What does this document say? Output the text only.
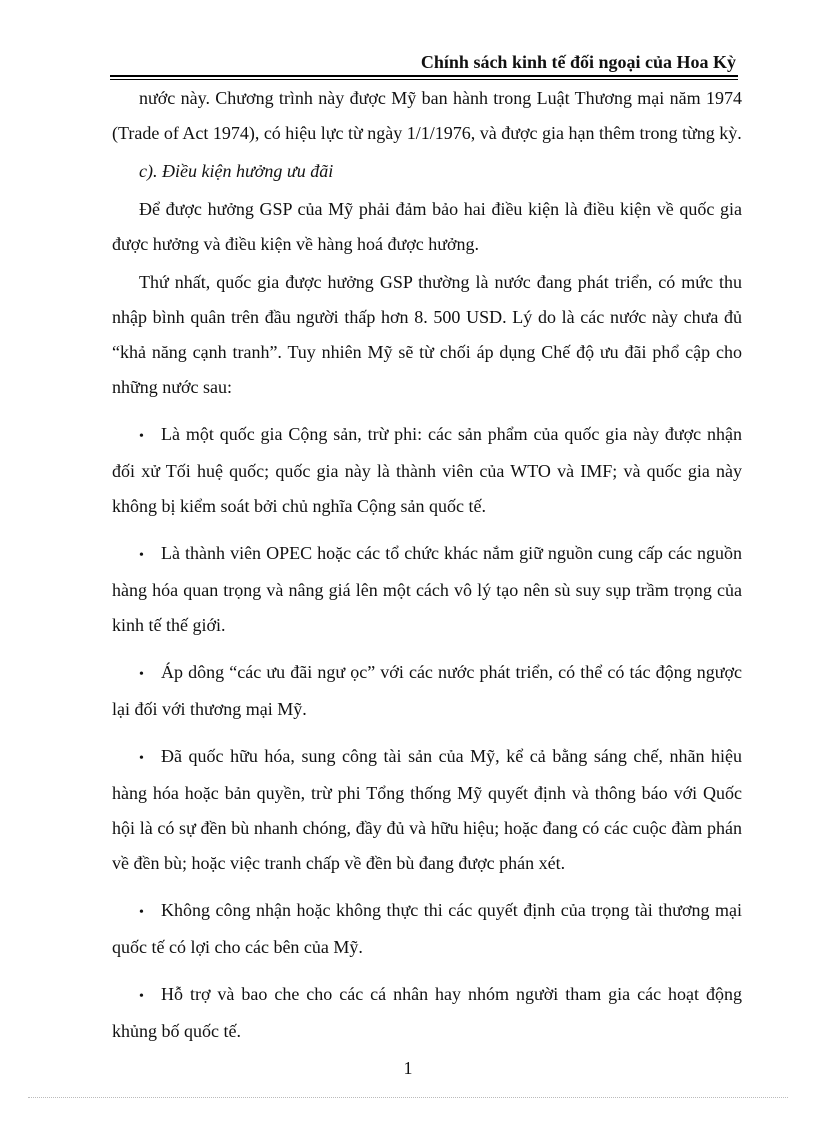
Chính sách kinh tế đối ngoại của Hoa Kỳ

nước này. Chương trình này được Mỹ ban hành trong Luật Thương mại năm 1974 (Trade of Act 1974), có hiệu lực từ ngày 1/1/1976, và được gia hạn thêm trong từng kỳ.

c). Điều kiện hưởng ưu đãi

Để được hưởng GSP của Mỹ phải đảm bảo hai điều kiện là điều kiện về quốc gia được hưởng và điều kiện về hàng hoá được hưởng.

Thứ nhất, quốc gia được hưởng GSP thường là nước đang phát triển, có mức thu nhập bình quân trên đầu người thấp hơn 8. 500 USD. Lý do là các nước này chưa đủ “khả năng cạnh tranh”. Tuy nhiên Mỹ sẽ từ chối áp dụng Chế độ ưu đãi phổ cập cho những nước sau:

• Là một quốc gia Cộng sản, trừ phi: các sản phẩm của quốc gia này được nhận đối xử Tối huệ quốc; quốc gia này là thành viên của WTO và IMF; và quốc gia này không bị kiểm soát bởi chủ nghĩa Cộng sản quốc tế.

• Là thành viên OPEC hoặc các tổ chức khác nắm giữ nguồn cung cấp các nguồn hàng hóa quan trọng và nâng giá lên một cách vô lý tạo nên sù suy sụp trầm trọng của kinh tế thế giới.

• Áp dông “các ưu đãi ngư ọc” với các nước phát triển, có thể có tác động ngược lại đối với thương mại Mỹ.

• Đã quốc hữu hóa, sung công tài sản của Mỹ, kể cả bằng sáng chế, nhãn hiệu hàng hóa hoặc bản quyền, trừ phi Tổng thống Mỹ quyết định và thông báo với Quốc hội là có sự đền bù nhanh chóng, đầy đủ và hữu hiệu; hoặc đang có các cuộc đàm phán về đền bù; hoặc việc tranh chấp về đền bù đang được phán xét.

• Không công nhận hoặc không thực thi các quyết định của trọng tài thương mại quốc tế có lợi cho các bên của Mỹ.

• Hỗ trợ và bao che cho các cá nhân hay nhóm người tham gia các hoạt động khủng bố quốc tế.

1
